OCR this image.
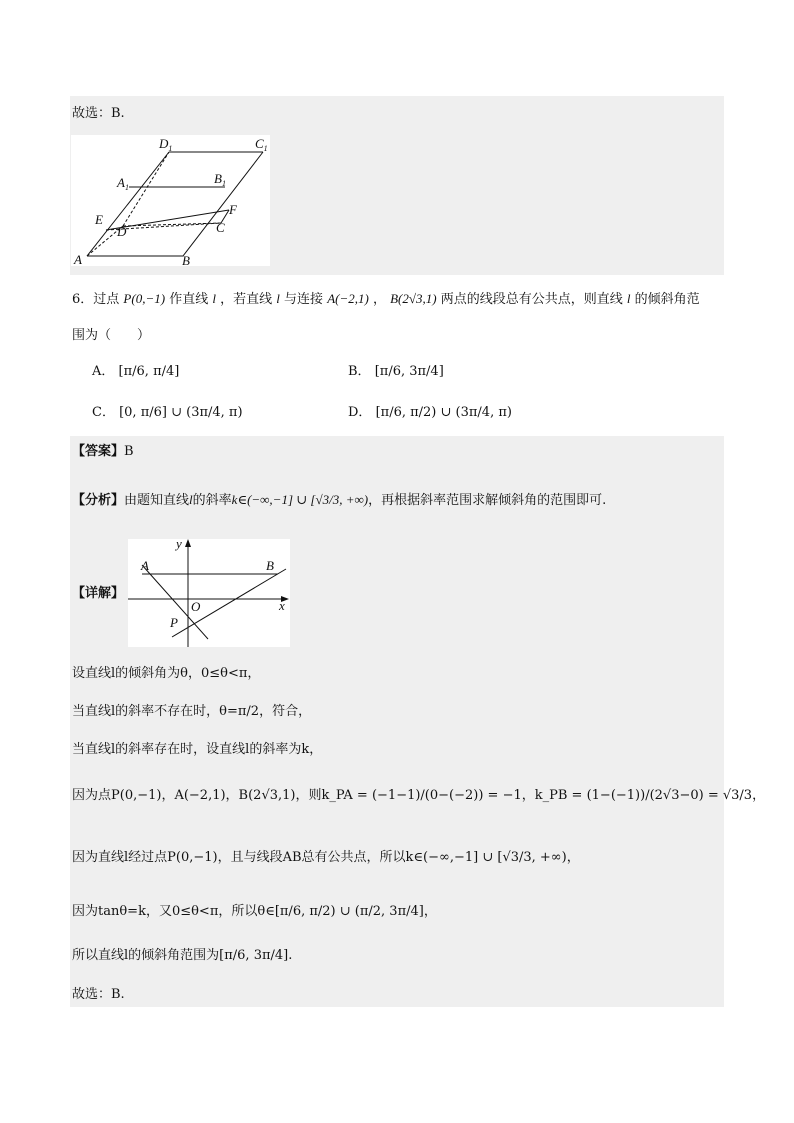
故选：B.
$D_1$	$C_1$
$A_1$
$B_1$
E
F
D	C
A	B
6．过点 P(0,−1) 作直线 l ，若直线 l 与连接 A(−2,1) ， B(2√3,1) 两点的线段总有公共点，则直线 l 的倾斜角范
围为（　　）
A． [π/6, π/4]	B． [π/6, 3π/4]
C． [0, π/6] ∪ (3π/4, π)	D． [π/6, π/2) ∪ (3π/4, π)
【答案】B
【分析】由题知直线l的斜率k∈(−∞,−1] ∪ [√3/3, +∞)，再根据斜率范围求解倾斜角的范围即可.
【详解】
y
A	B
O	x
P
设直线l的倾斜角为θ，0≤θ<π，
当直线l的斜率不存在时，θ=π/2，符合，
当直线l的斜率存在时，设直线l的斜率为k，
因为点P(0,−1)，A(−2,1)，B(2√3,1)，则k_PA = (−1−1)/(0−(−2)) = −1，k_PB = (1−(−1))/(2√3−0) = √3/3，
因为直线l经过点P(0,−1)，且与线段AB总有公共点，所以k∈(−∞,−1] ∪ [√3/3, +∞)，
因为tanθ=k，又0≤θ<π，所以θ∈[π/6, π/2) ∪ (π/2, 3π/4]，
所以直线l的倾斜角范围为[π/6, 3π/4].
故选：B.
